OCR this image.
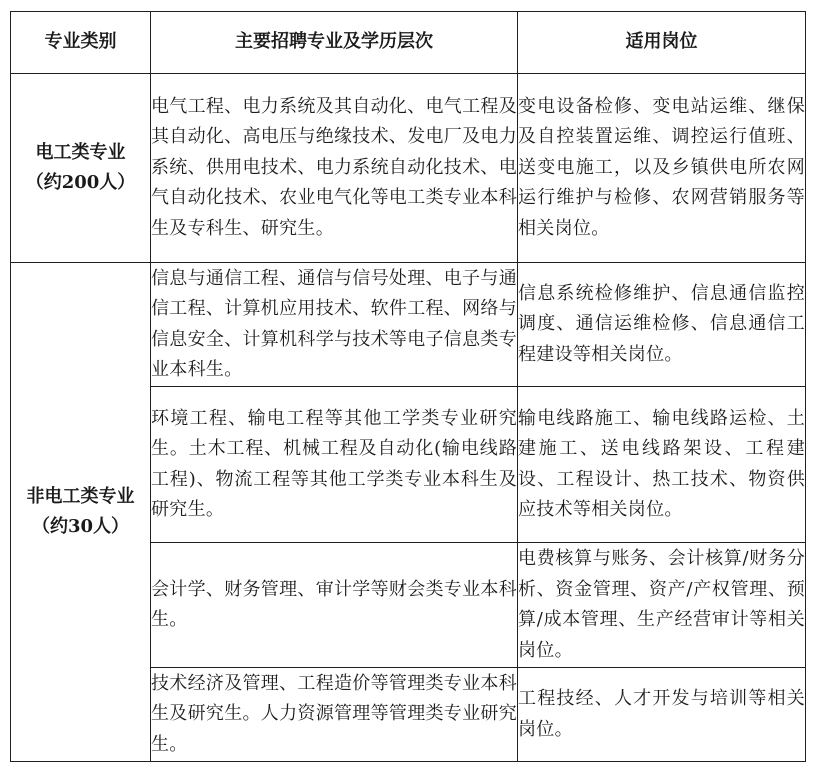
专业类别	主要招聘专业及学历层次	适用岗位

电工类专业
（约200人）	电气工程、电力系统及其自动化、电气工程及其自动化、高电压与绝缘技术、发电厂及电力系统、供用电技术、电力系统自动化技术、电气自动化技术、农业电气化等电工类专业本科生及专科生、研究生。	变电设备检修、变电站运维、继保及自控装置运维、调控运行值班、送变电施工，以及乡镇供电所农网运行维护与检修、农网营销服务等相关岗位。

非电工类专业
（约30人）	信息与通信工程、通信与信号处理、电子与通信工程、计算机应用技术、软件工程、网络与信息安全、计算机科学与技术等电子信息类专业本科生。	信息系统检修维护、信息通信监控调度、通信运维检修、信息通信工程建设等相关岗位。
	环境工程、输电工程等其他工学类专业研究生。土木工程、机械工程及自动化(输电线路工程)、物流工程等其他工学类专业本科生及研究生。	输电线路施工、输电线路运检、土建施工、送电线路架设、工程建设、工程设计、热工技术、物资供应技术等相关岗位。
	会计学、财务管理、审计学等财会类专业本科生。	电费核算与账务、会计核算/财务分析、资金管理、资产/产权管理、预算/成本管理、生产经营审计等相关岗位。
	技术经济及管理、工程造价等管理类专业本科生及研究生。人力资源管理等管理类专业研究生。	工程技经、人才开发与培训等相关岗位。
